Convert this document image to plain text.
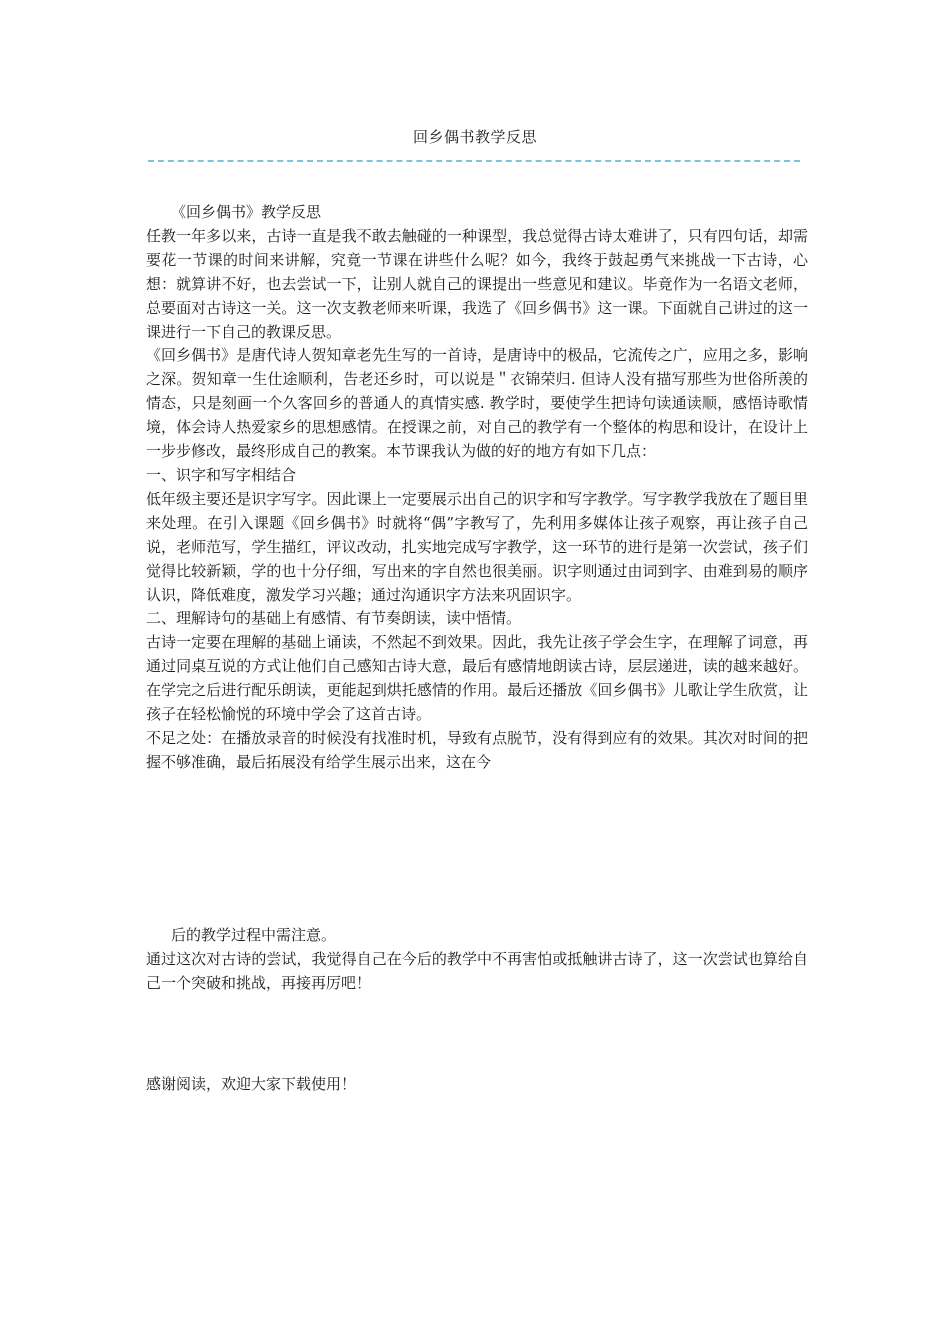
回乡偶书教学反思

《回乡偶书》教学反思

任教一年多以来，古诗一直是我不敢去触碰的一种课型，我总觉得古诗太难讲了，只有四句话，却需要花一节课的时间来讲解，究竟一节课在讲些什么呢？如今，我终于鼓起勇气来挑战一下古诗，心想：就算讲不好，也去尝试一下，让别人就自己的课提出一些意见和建议。毕竟作为一名语文老师，总要面对古诗这一关。这一次支教老师来听课，我选了《回乡偶书》这一课。下面就自己讲过的这一课进行一下自己的教课反思。

《回乡偶书》是唐代诗人贺知章老先生写的一首诗，是唐诗中的极品，它流传之广，应用之多，影响之深。贺知章一生仕途顺利，告老还乡时，可以说是＂衣锦荣归. 但诗人没有描写那些为世俗所羡的情态，只是刻画一个久客回乡的普通人的真情实感. 教学时，要使学生把诗句读通读顺，感悟诗歌情境，体会诗人热爱家乡的思想感情。在授课之前，对自己的教学有一个整体的构思和设计，在设计上一步步修改，最终形成自己的教案。本节课我认为做的好的地方有如下几点：

一、识字和写字相结合

低年级主要还是识字写字。因此课上一定要展示出自己的识字和写字教学。写字教学我放在了题目里来处理。在引入课题《回乡偶书》时就将“偶”字教写了，先利用多媒体让孩子观察，再让孩子自己说，老师范写，学生描红，评议改动，扎实地完成写字教学，这一环节的进行是第一次尝试，孩子们觉得比较新颖，学的也十分仔细，写出来的字自然也很美丽。识字则通过由词到字、由难到易的顺序认识，降低难度，激发学习兴趣；通过沟通识字方法来巩固识字。

二、理解诗句的基础上有感情、有节奏朗读，读中悟情。

古诗一定要在理解的基础上诵读，不然起不到效果。因此，我先让孩子学会生字，在理解了词意，再通过同桌互说的方式让他们自己感知古诗大意，最后有感情地朗读古诗，层层递进，读的越来越好。在学完之后进行配乐朗读，更能起到烘托感情的作用。最后还播放《回乡偶书》儿歌让学生欣赏，让孩子在轻松愉悦的环境中学会了这首古诗。

不足之处：在播放录音的时候没有找准时机，导致有点脱节，没有得到应有的效果。其次对时间的把握不够准确，最后拓展没有给学生展示出来，这在今

后的教学过程中需注意。

通过这次对古诗的尝试，我觉得自己在今后的教学中不再害怕或抵触讲古诗了，这一次尝试也算给自己一个突破和挑战，再接再厉吧！

感谢阅读，欢迎大家下载使用！
